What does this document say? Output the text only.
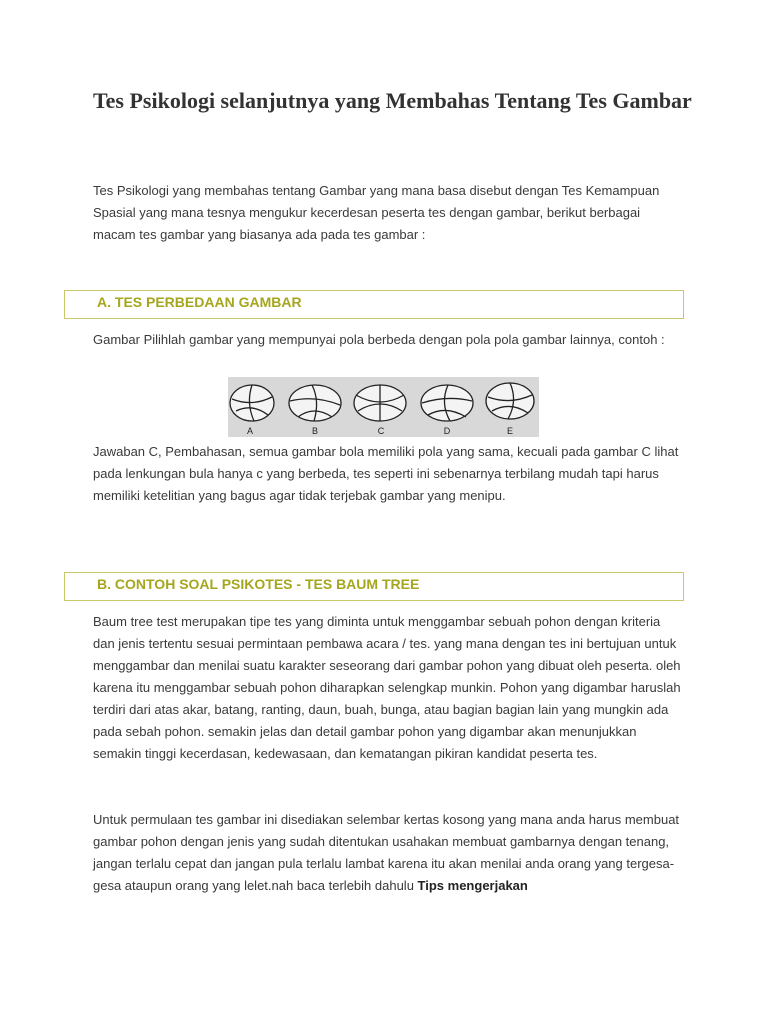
Tes Psikologi selanjutnya yang Membahas Tentang Tes Gambar

Tes Psikologi yang membahas tentang Gambar yang mana basa disebut dengan Tes Kemampuan Spasial yang mana tesnya mengukur kecerdesan peserta tes dengan gambar, berikut berbagai macam tes gambar yang biasanya ada pada tes gambar :

A. TES PERBEDAAN GAMBAR

Gambar Pilihlah gambar yang mempunyai pola berbeda dengan pola pola gambar lainnya, contoh :

A	B	C	D	E

Jawaban C, Pembahasan, semua gambar bola memiliki pola yang sama, kecuali pada gambar C lihat pada lenkungan bula hanya c yang berbeda, tes seperti ini sebenarnya terbilang mudah tapi harus memiliki ketelitian yang bagus agar tidak terjebak gambar yang menipu.

B. CONTOH SOAL PSIKOTES - TES BAUM TREE

Baum tree test merupakan tipe tes yang diminta untuk menggambar sebuah pohon dengan kriteria dan jenis tertentu sesuai permintaan pembawa acara / tes. yang mana dengan tes ini bertujuan untuk menggambar dan menilai suatu karakter seseorang dari gambar pohon yang dibuat oleh peserta. oleh karena itu menggambar sebuah pohon diharapkan selengkap munkin. Pohon yang digambar haruslah terdiri dari atas akar, batang, ranting, daun, buah, bunga, atau bagian bagian lain yang mungkin ada pada sebah pohon. semakin jelas dan detail gambar pohon yang digambar akan menunjukkan semakin tinggi kecerdasan, kedewasaan, dan kematangan pikiran kandidat peserta tes.

Untuk permulaan tes gambar ini disediakan selembar kertas kosong yang mana anda harus membuat gambar pohon dengan jenis yang sudah ditentukan usahakan membuat gambarnya dengan tenang, jangan terlalu cepat dan jangan pula terlalu lambat karena itu akan menilai anda orang yang tergesa-gesa ataupun orang yang lelet.nah baca terlebih dahulu Tips mengerjakan
